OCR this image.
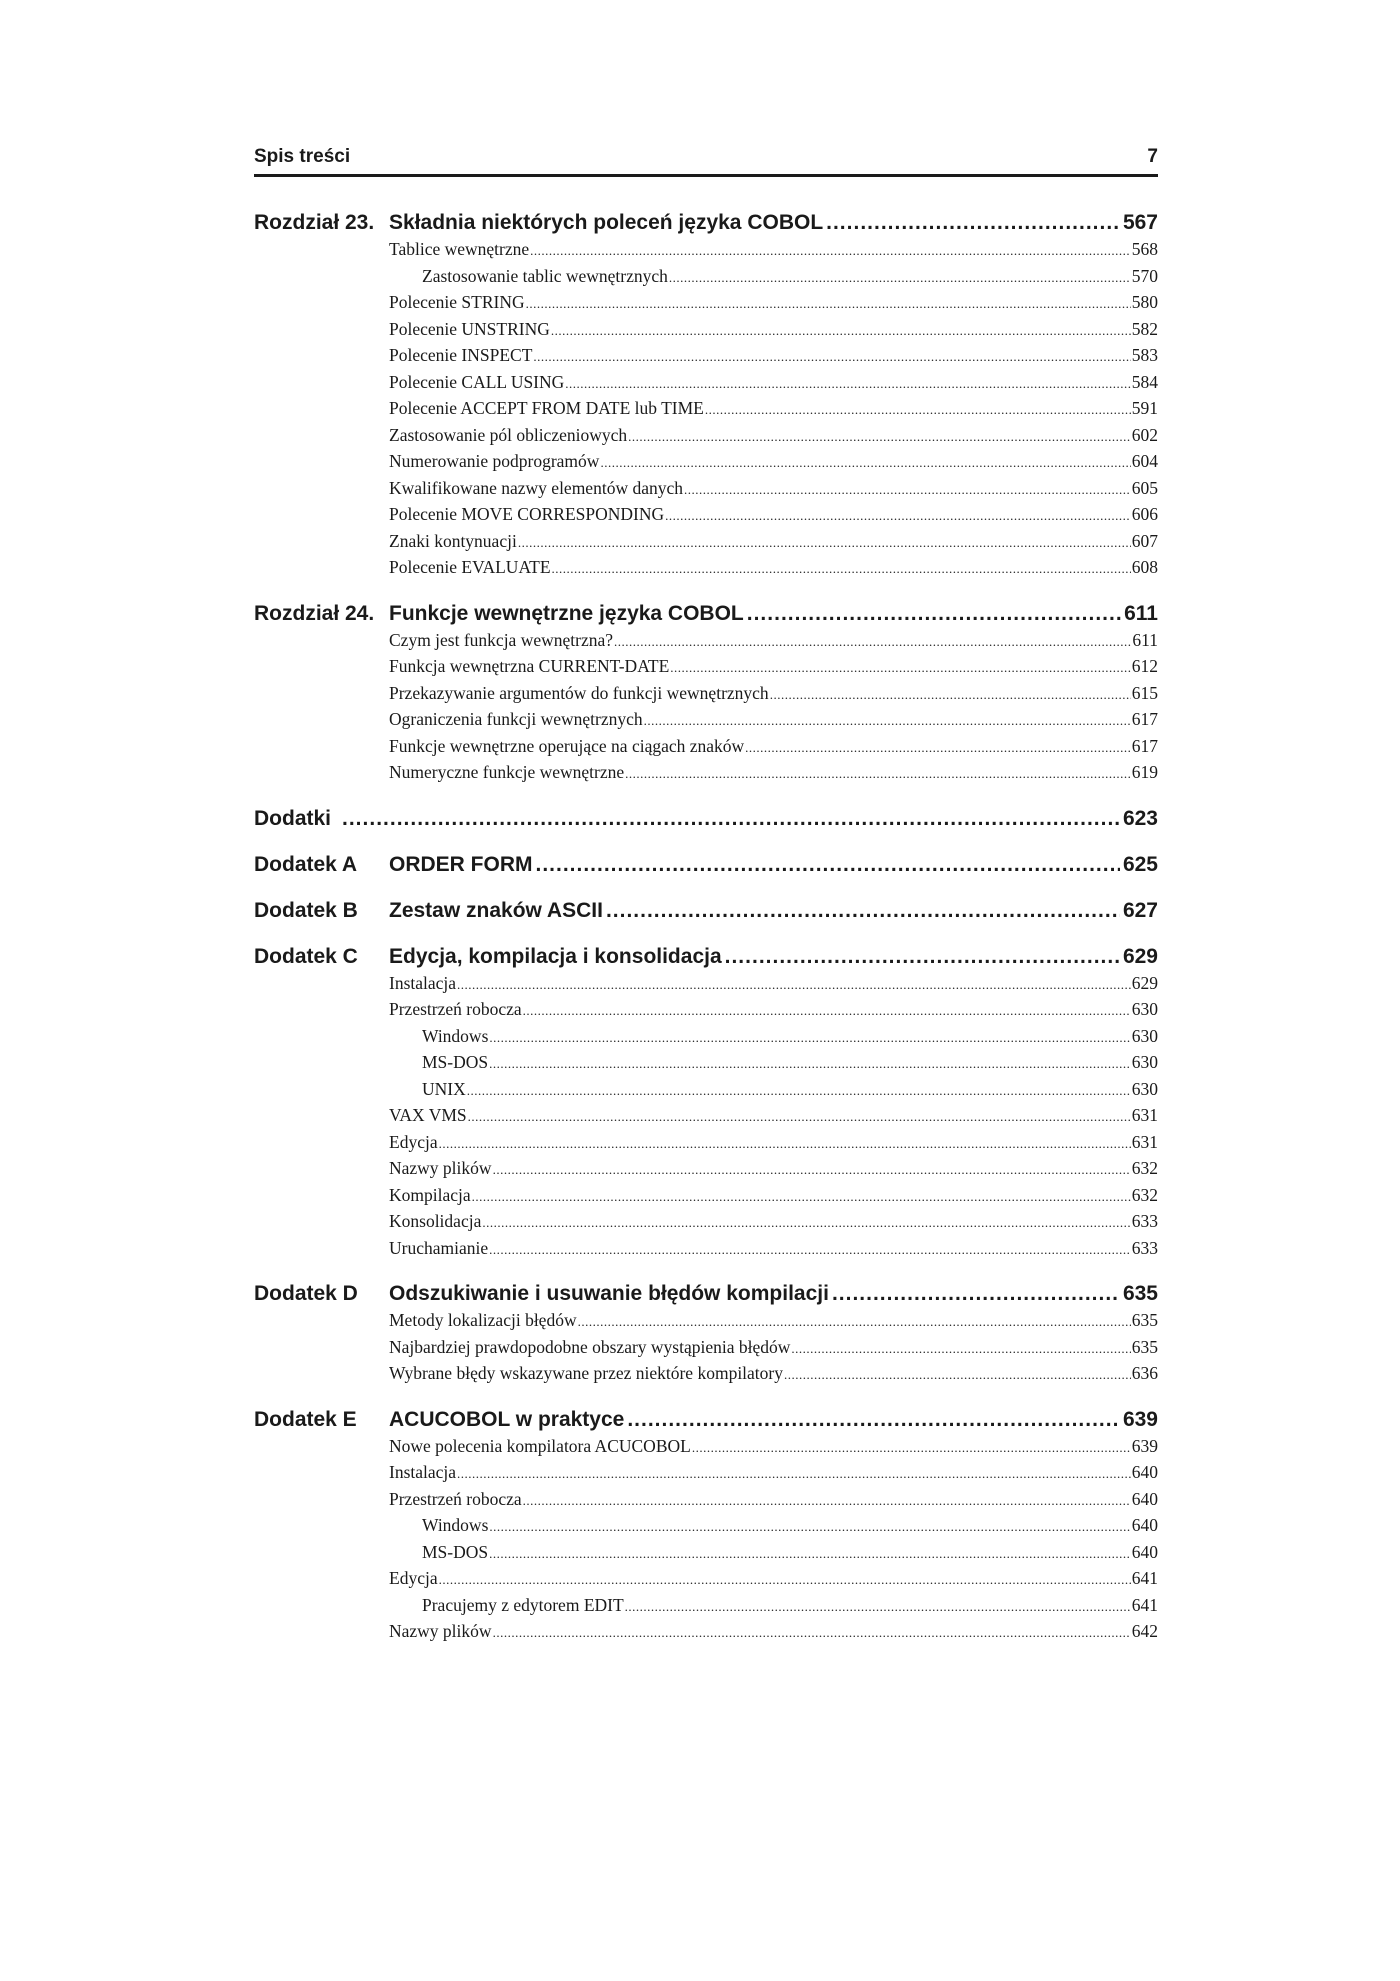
Spis treści	7
Rozdział 23. Składnia niektórych poleceń języka COBOL .....	567
Tablice wewnętrzne .....	568
Zastosowanie tablic wewnętrznych .....	570
Polecenie STRING .....	580
Polecenie UNSTRING .....	582
Polecenie INSPECT .....	583
Polecenie CALL USING .....	584
Polecenie ACCEPT FROM DATE lub TIME .....	591
Zastosowanie pól obliczeniowych .....	602
Numerowanie podprogramów .....	604
Kwalifikowane nazwy elementów danych .....	605
Polecenie MOVE CORRESPONDING .....	606
Znaki kontynuacji .....	607
Polecenie EVALUATE .....	608
Rozdział 24. Funkcje wewnętrzne języka COBOL .....	611
Czym jest funkcja wewnętrzna? .....	611
Funkcja wewnętrzna CURRENT-DATE .....	612
Przekazywanie argumentów do funkcji wewnętrznych .....	615
Ograniczenia funkcji wewnętrznych .....	617
Funkcje wewnętrzne operujące na ciągach znaków .....	617
Numeryczne funkcje wewnętrzne .....	619
Dodatki .....	623
Dodatek A	ORDER FORM .....	625
Dodatek B	Zestaw znaków ASCII .....	627
Dodatek C	Edycja, kompilacja i konsolidacja .....	629
Instalacja .....	629
Przestrzeń robocza .....	630
Windows .....	630
MS-DOS .....	630
UNIX .....	630
VAX VMS .....	631
Edycja .....	631
Nazwy plików .....	632
Kompilacja .....	632
Konsolidacja .....	633
Uruchamianie .....	633
Dodatek D	Odszukiwanie i usuwanie błędów kompilacji .....	635
Metody lokalizacji błędów .....	635
Najbardziej prawdopodobne obszary wystąpienia błędów .....	635
Wybrane błędy wskazywane przez niektóre kompilatory .....	636
Dodatek E	ACUCOBOL w praktyce .....	639
Nowe polecenia kompilatora ACUCOBOL .....	639
Instalacja .....	640
Przestrzeń robocza .....	640
Windows .....	640
MS-DOS .....	640
Edycja .....	641
Pracujemy z edytorem EDIT .....	641
Nazwy plików .....	642
